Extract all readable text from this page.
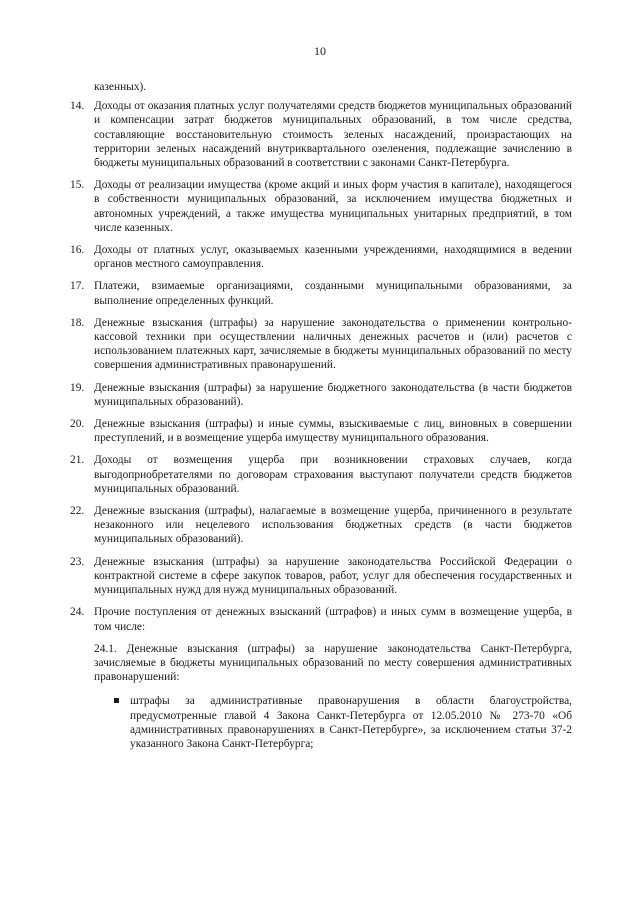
10
казенных).
14. Доходы от оказания платных услуг получателями средств бюджетов муниципальных образований и компенсации затрат бюджетов муниципальных образований, в том числе средства, составляющие восстановительную стоимость зеленых насаждений, произрастающих на территории зеленых насаждений внутриквартального озеленения, подлежащие зачислению в бюджеты муниципальных образований в соответствии с законами Санкт-Петербурга.
15. Доходы от реализации имущества (кроме акций и иных форм участия в капитале), находящегося в собственности муниципальных образований, за исключением имущества бюджетных и автономных учреждений, а также имущества муниципальных унитарных предприятий, в том числе казенных.
16. Доходы от платных услуг, оказываемых казенными учреждениями, находящимися в ведении органов местного самоуправления.
17. Платежи, взимаемые организациями, созданными муниципальными образованиями, за выполнение определенных функций.
18. Денежные взыскания (штрафы) за нарушение законодательства о применении контрольно-кассовой техники при осуществлении наличных денежных расчетов и (или) расчетов с использованием платежных карт, зачисляемые в бюджеты муниципальных образований по месту совершения административных правонарушений.
19. Денежные взыскания (штрафы) за нарушение бюджетного законодательства (в части бюджетов муниципальных образований).
20. Денежные взыскания (штрафы) и иные суммы, взыскиваемые с лиц, виновных в совершении преступлений, и в возмещение ущерба имуществу муниципального образования.
21. Доходы от возмещения ущерба при возникновении страховых случаев, когда выгодоприобретателями по договорам страхования выступают получатели средств бюджетов муниципальных образований.
22. Денежные взыскания (штрафы), налагаемые в возмещение ущерба, причиненного в результате незаконного или нецелевого использования бюджетных средств (в части бюджетов муниципальных образований).
23. Денежные взыскания (штрафы) за нарушение законодательства Российской Федерации о контрактной системе в сфере закупок товаров, работ, услуг для обеспечения государственных и муниципальных нужд для нужд муниципальных образований.
24. Прочие поступления от денежных взысканий (штрафов) и иных сумм в возмещение ущерба, в том числе:
24.1. Денежные взыскания (штрафы) за нарушение законодательства Санкт-Петербурга, зачисляемые в бюджеты муниципальных образований по месту совершения административных правонарушений:
штрафы за административные правонарушения в области благоустройства, предусмотренные главой 4 Закона Санкт-Петербурга от 12.05.2010 № 273-70 «Об административных правонарушениях в Санкт-Петербурге», за исключением статьи 37-2 указанного Закона Санкт-Петербурга;
